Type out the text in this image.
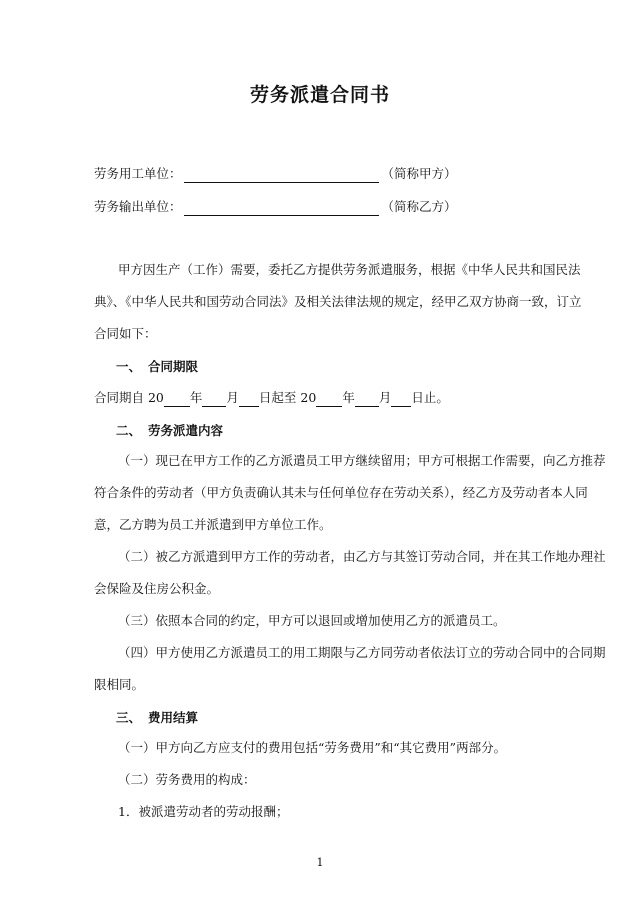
劳务派遣合同书
劳务用工单位：	（简称甲方）
劳务输出单位：	（简称乙方）
甲方因生产（工作）需要，委托乙方提供劳务派遣服务，根据《中华人民共和国民法
典》、《中华人民共和国劳动合同法》及相关法律法规的规定，经甲乙双方协商一致，订立
合同如下：
一、 合同期限
合同期自 20 年 月 日起至 20 年 月 日止。
二、 劳务派遣内容
（一）现已在甲方工作的乙方派遣员工甲方继续留用；甲方可根据工作需要，向乙方推荐
符合条件的劳动者（甲方负责确认其未与任何单位存在劳动关系），经乙方及劳动者本人同
意，乙方聘为员工并派遣到甲方单位工作。
（二）被乙方派遣到甲方工作的劳动者，由乙方与其签订劳动合同，并在其工作地办理社
会保险及住房公积金。
（三）依照本合同的约定，甲方可以退回或增加使用乙方的派遣员工。
（四）甲方使用乙方派遣员工的用工期限与乙方同劳动者依法订立的劳动合同中的合同期
限相同。
三、 费用结算
（一）甲方向乙方应支付的费用包括“劳务费用”和“其它费用”两部分。
（二）劳务费用的构成：
1．被派遣劳动者的劳动报酬；
1
